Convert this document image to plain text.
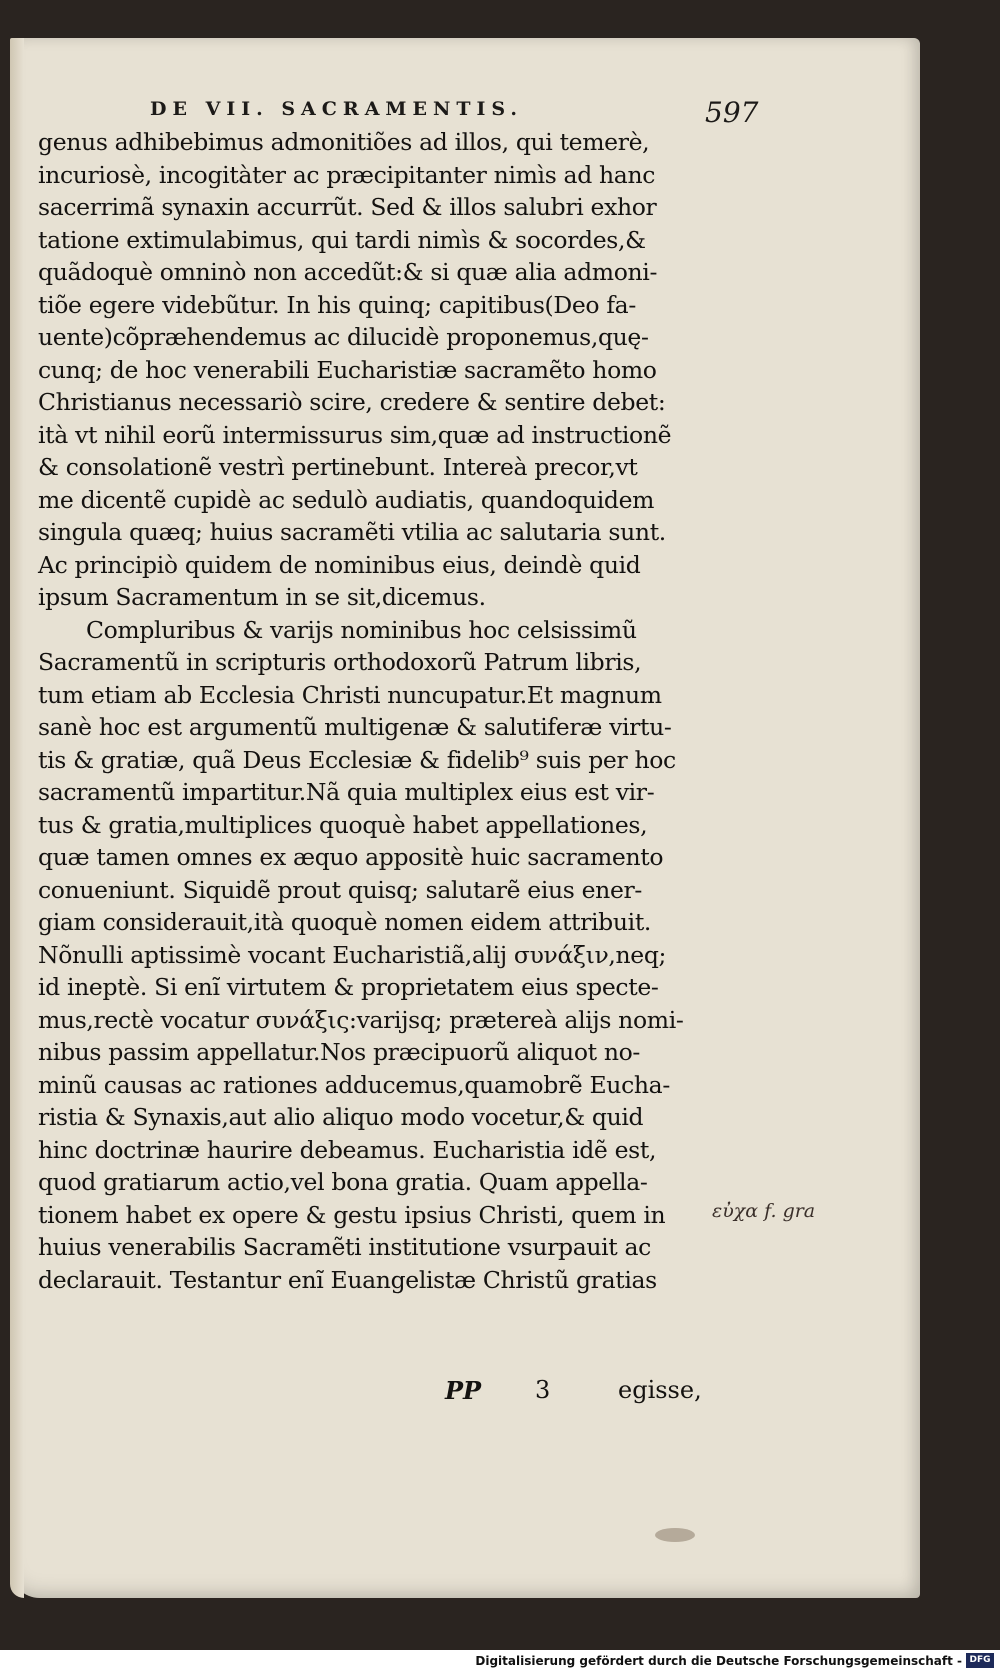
DE VII. SACRAMENTIS.	597
genus adhibebimus admonitiões ad illos, qui temerè,
incuriosè, incogitàter ac præcipitanter nimìs ad hanc
sacerrimã synaxin accurrũt. Sed & illos salubri exhor
tatione extimulabimus, qui tardi nimìs & socordes,&
quãdoquè omninò non accedũt:& si quæ alia admoni-
tiõe egere videbũtur. In his quinq; capitibus(Deo fa-
uente)cõpræhendemus ac dilucidè proponemus,quę-
cunq; de hoc venerabili Eucharistiæ sacramẽto homo
Christianus necessariò scire, credere & sentire debet:
ità vt nihil eorũ intermissurus sim,quæ ad instructionẽ
& consolationẽ vestrì pertinebunt. Intereà precor,vt
me dicentẽ cupidè ac sedulò audiatis, quandoquidem
singula quæq; huius sacramẽti vtilia ac salutaria sunt.
Ac principiò quidem de nominibus eius, deindè quid
ipsum Sacramentum in se sit,dicemus.
Compluribus & varijs nominibus hoc celsissimũ
Sacramentũ in scripturis orthodoxorũ Patrum libris,
tum etiam ab Ecclesia Christi nuncupatur.Et magnum
sanè hoc est argumentũ multigenæ & salutiferæ virtu-
tis & gratiæ, quã Deus Ecclesiæ & fidelib⁹ suis per hoc
sacramentũ impartitur.Nã quia multiplex eius est vir-
tus & gratia,multiplices quoquè habet appellationes,
quæ tamen omnes ex æquo appositè huic sacramento
conueniunt. Siquidẽ prout quisq; salutarẽ eius ener-
giam considerauit,ità quoquè nomen eidem attribuit.
Nõnulli aptissimè vocant Eucharistiã,alij συνάξιν,neq;
id ineptè. Si enĩ virtutem & proprietatem eius specte-
mus,rectè vocatur συνάξις:varijsq; prætereà alijs nomi-
nibus passim appellatur.Nos præcipuorũ aliquot no-
minũ causas ac rationes adducemus,quamobrẽ Eucha-
ristia & Synaxis,aut alio aliquo modo vocetur,& quid
hinc doctrinæ haurire debeamus. Eucharistia idẽ est,
quod gratiarum actio,vel bona gratia. Quam appella-
tionem habet ex opere & gestu ipsius Christi, quem in
huius venerabilis Sacramẽti institutione vsurpauit ac
declarauit. Testantur enĩ Euangelistæ Christũ gratias
εὐχα f. gra
PP 3	egisse,
Digitalisierung gefördert durch die Deutsche Forschungsgemeinschaft - DFG
